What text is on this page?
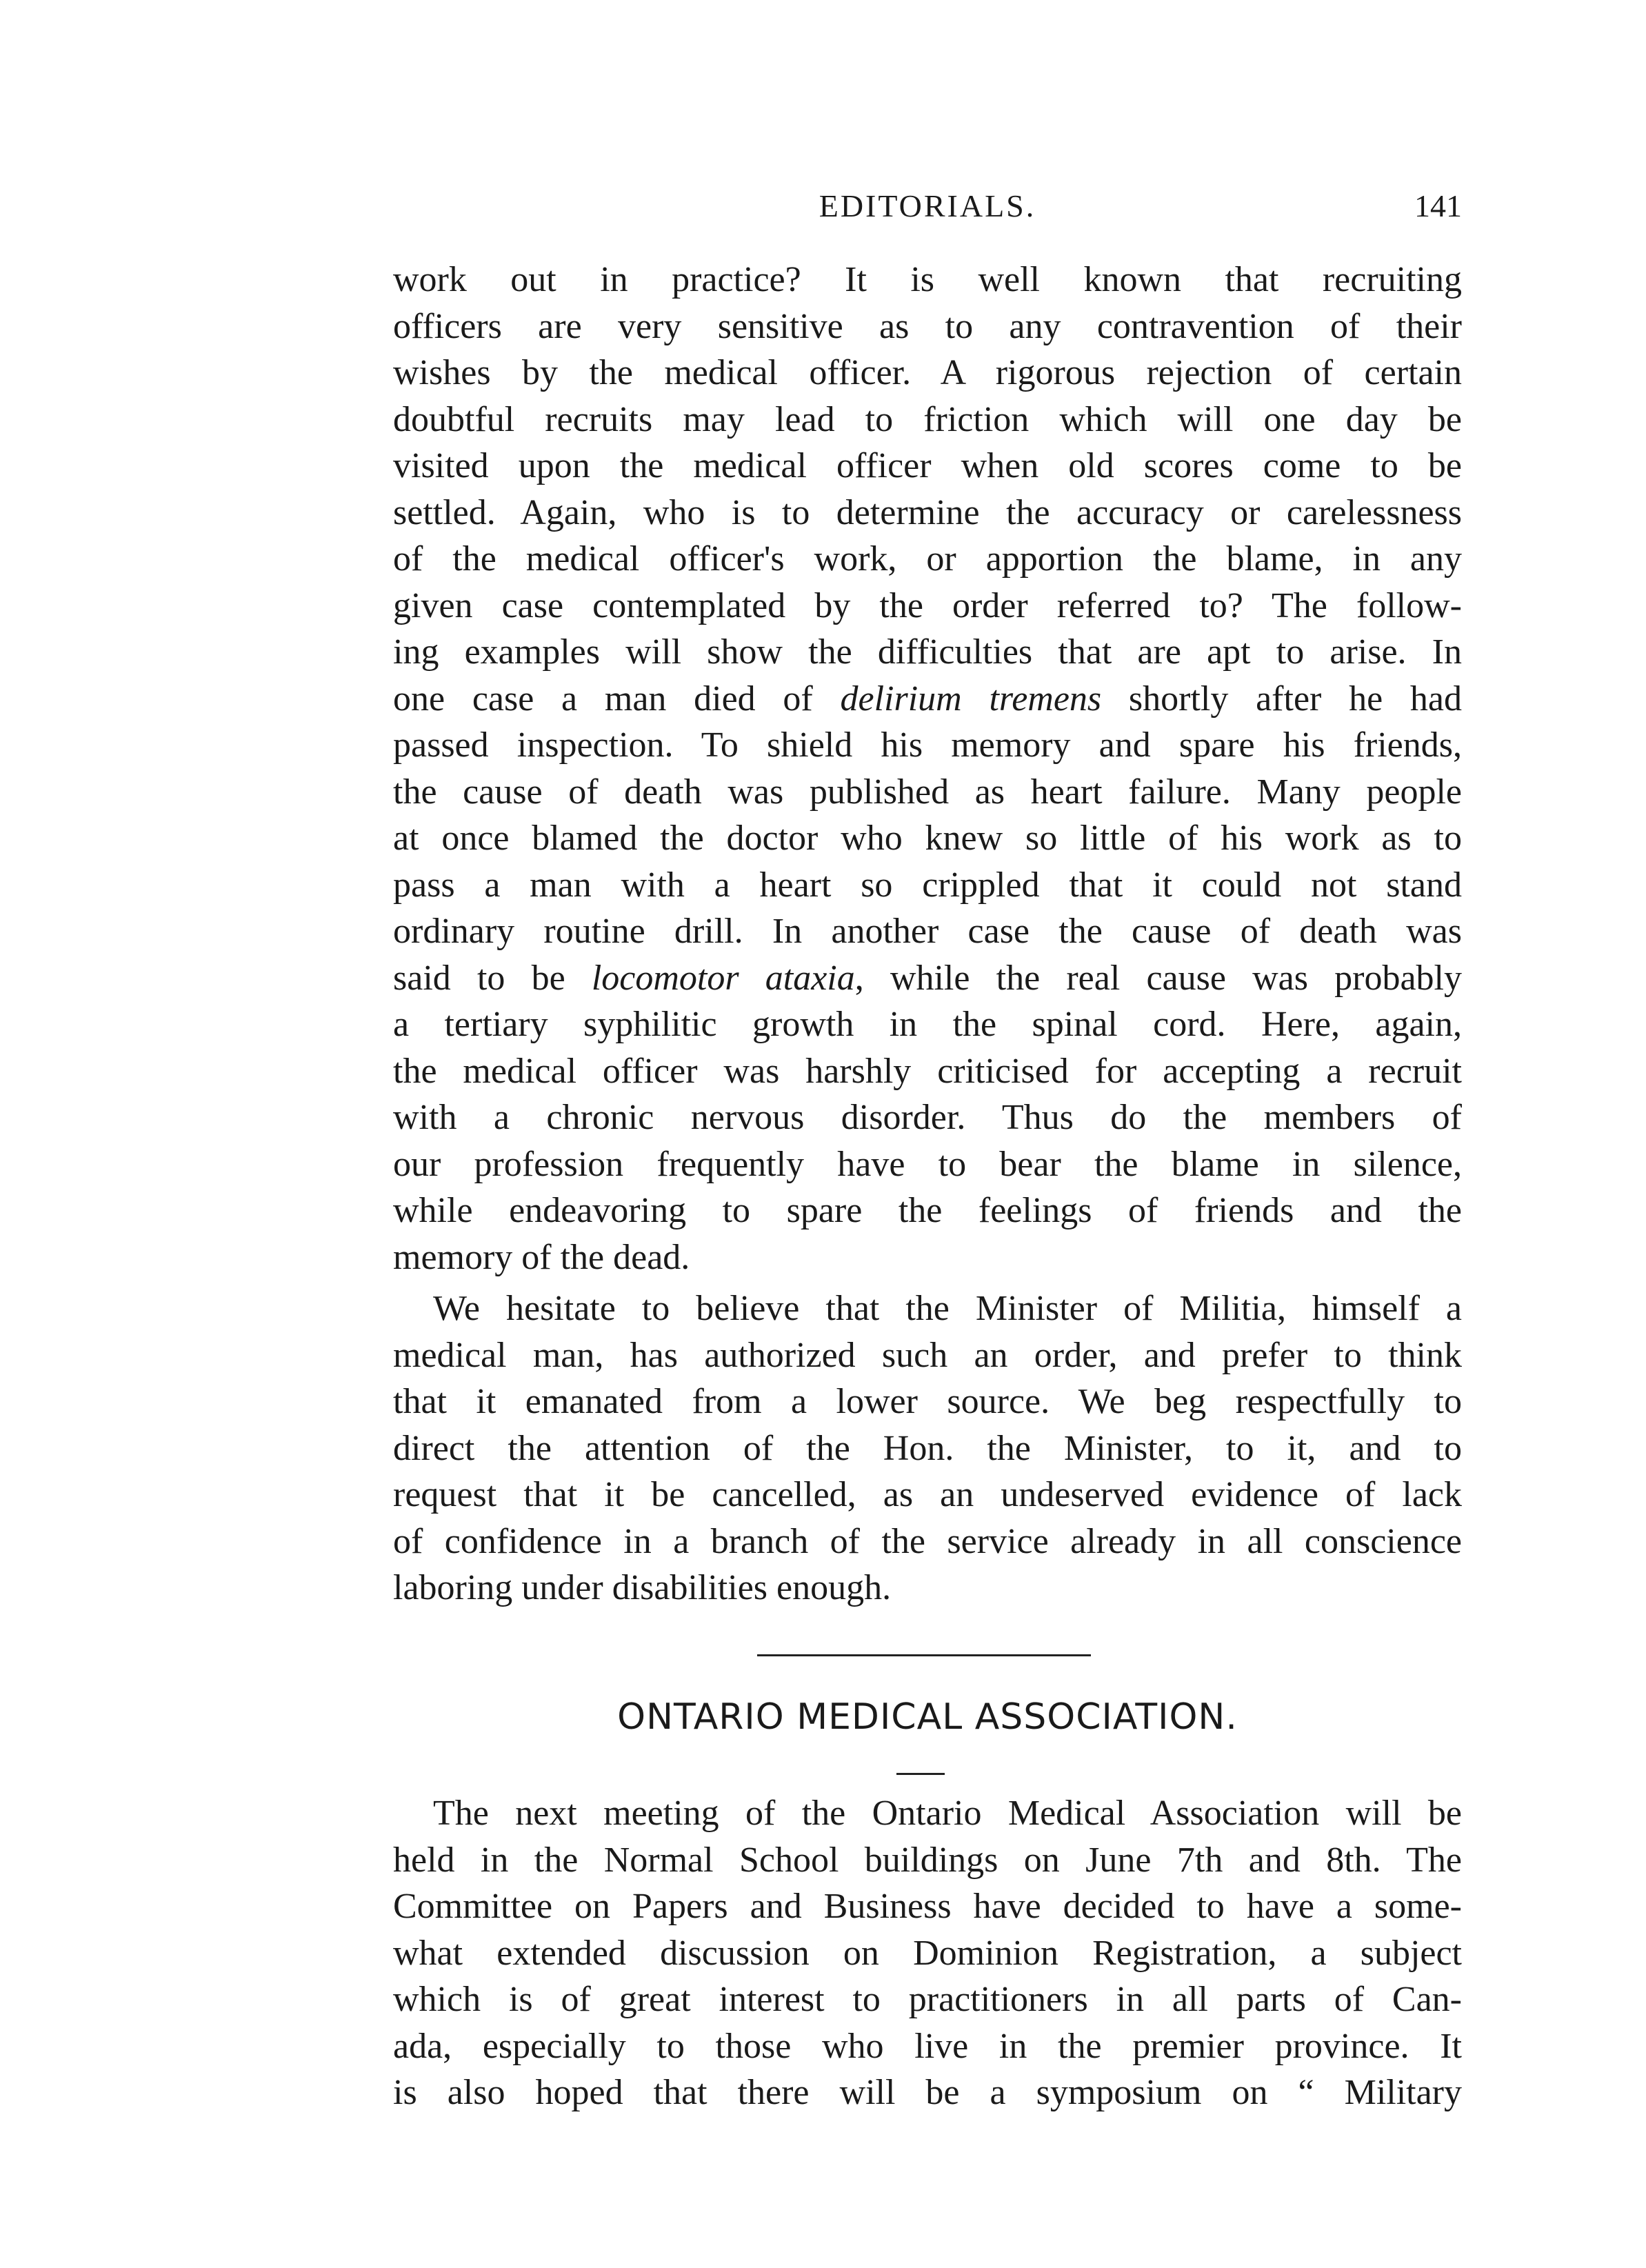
EDITORIALS.	141
work out in practice? It is well known that recruiting
officers are very sensitive as to any contravention of their
wishes by the medical officer. A rigorous rejection of certain
doubtful recruits may lead to friction which will one day be
visited upon the medical officer when old scores come to be
settled. Again, who is to determine the accuracy or carelessness
of the medical officer's work, or apportion the blame, in any
given case contemplated by the order referred to? The follow-
ing examples will show the difficulties that are apt to arise. In
one case a man died of delirium tremens shortly after he had
passed inspection. To shield his memory and spare his friends,
the cause of death was published as heart failure. Many people
at once blamed the doctor who knew so little of his work as to
pass a man with a heart so crippled that it could not stand
ordinary routine drill. In another case the cause of death was
said to be locomotor ataxia, while the real cause was probably
a tertiary syphilitic growth in the spinal cord. Here, again,
the medical officer was harshly criticised for accepting a recruit
with a chronic nervous disorder. Thus do the members of
our profession frequently have to bear the blame in silence,
while endeavoring to spare the feelings of friends and the
memory of the dead.
We hesitate to believe that the Minister of Militia, himself a
medical man, has authorized such an order, and prefer to think
that it emanated from a lower source. We beg respectfully to
direct the attention of the Hon. the Minister, to it, and to
request that it be cancelled, as an undeserved evidence of lack
of confidence in a branch of the service already in all conscience
laboring under disabilities enough.
ONTARIO MEDICAL ASSOCIATION.
The next meeting of the Ontario Medical Association will be
held in the Normal School buildings on June 7th and 8th. The
Committee on Papers and Business have decided to have a some-
what extended discussion on Dominion Registration, a subject
which is of great interest to practitioners in all parts of Can-
ada, especially to those who live in the premier province. It
is also hoped that there will be a symposium on “ Military
